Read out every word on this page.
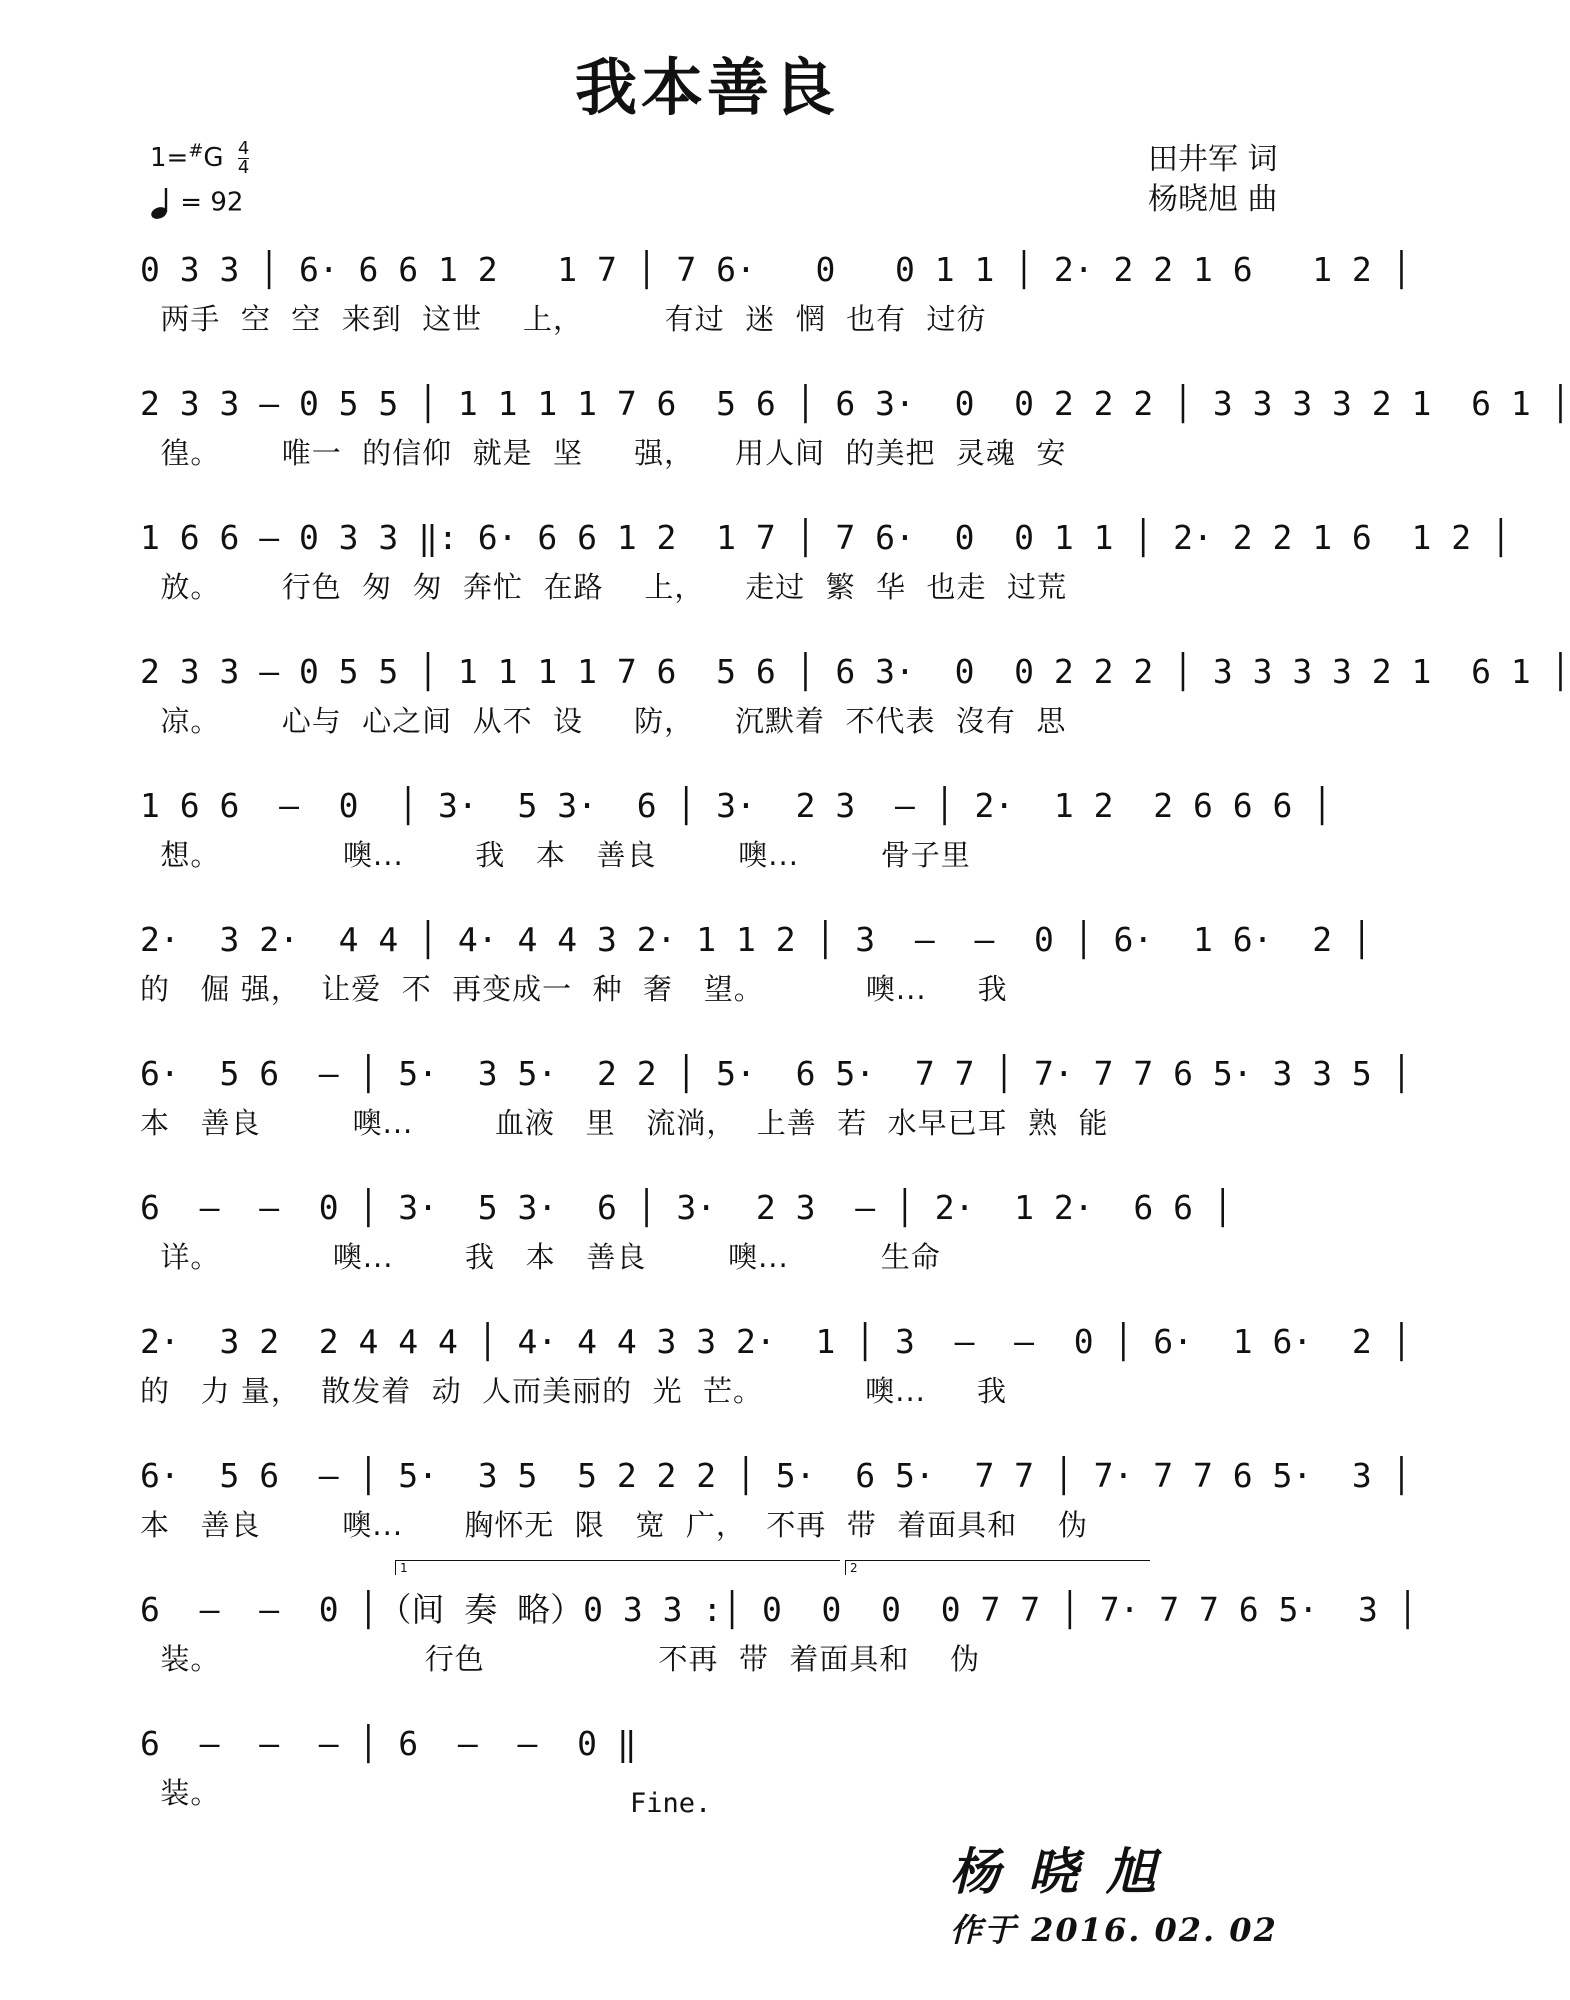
我本善良
$1=^{\#}G \frac{4}{4}$
= 92
田井军 词
杨晓旭 曲
0 3 3 │ 6· 6 6 1 2   1 7 │ 7 6·   0   0 1 1 │ 2· 2 2 1 6   1 2 │
两手  空  空  来到  这世    上，        有过  迷  惘  也有  过彷
2 3 3 — 0 5 5 │ 1 1 1 1 7 6  5 6 │ 6 3·  0  0 2 2 2 │ 3 3 3 3 2 1  6 1 │
徨。      唯一  的信仰  就是  坚     强，    用人间  的美把  灵魂  安
1 6 6 — 0 3 3 ‖: 6· 6 6 1 2  1 7 │ 7 6·  0  0 1 1 │ 2· 2 2 1 6  1 2 │
放。      行色  匆  匆  奔忙  在路    上，    走过  繁  华  也走  过荒
2 3 3 — 0 5 5 │ 1 1 1 1 7 6  5 6 │ 6 3·  0  0 2 2 2 │ 3 3 3 3 2 1  6 1 │
凉。      心与  心之间  从不  设     防，    沉默着  不代表  沒有  思
1 6 6  —  0  │ 3·  5 3·  6 │ 3·  2 3  — │ 2·  1 2  2 6 6 6 │
想。            噢...       我   本   善良        噢...        骨子里
2·  3 2·  4 4 │ 4· 4 4 3 2· 1 1 2 │ 3  —  —  0 │ 6·  1 6·  2 │
的   倔 强，  让爱  不  再变成一  种  奢   望。          噢...     我
6·  5 6  — │ 5·  3 5·  2 2 │ 5·  6 5·  7 7 │ 7· 7 7 6 5· 3 3 5 │
本   善良         噢...        血液   里   流淌，  上善  若  水早已耳  熟  能
6  —  —  0 │ 3·  5 3·  6 │ 3·  2 3  — │ 2·  1 2·  6 6 │
详。           噢...       我   本   善良        噢...         生命
2·  3 2  2 4 4 4 │ 4· 4 4 3 3 2·  1 │ 3  —  —  0 │ 6·  1 6·  2 │
的   力 量，  散发着  动  人而美丽的  光  芒。          噢...     我
6·  5 6  — │ 5·  3 5  5 2 2 2 │ 5·  6 5·  7 7 │ 7· 7 7 6 5·  3 │
本   善良        噢...      胸怀无  限   宽  广，  不再  带  着面具和    伪
1	2
6  —  —  0 │（间 奏 略）0 3 3 :│ 0  0  0  0 7 7 │ 7· 7 7 6 5·  3 │
装。                    行色                 不再  带  着面具和    伪
6  —  —  — │ 6  —  —  0 ‖
装。	Fine.
杨晓旭
作于 2016. 02. 02
